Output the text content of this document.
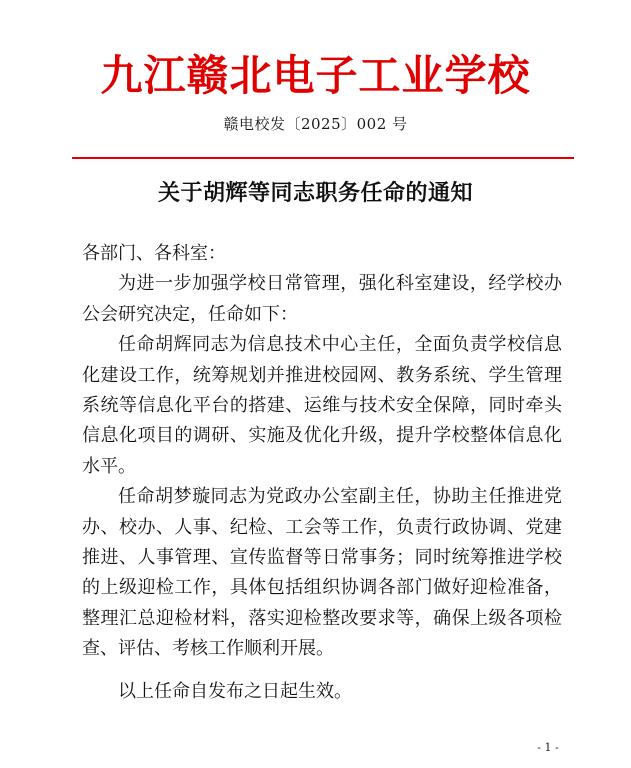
九江赣北电子工业学校
赣电校发〔2025〕002 号
关于胡辉等同志职务任命的通知

各部门、各科室：

为进一步加强学校日常管理，强化科室建设，经学校办公会研究决定，任命如下：

任命胡辉同志为信息技术中心主任，全面负责学校信息化建设工作，统筹规划并推进校园网、教务系统、学生管理系统等信息化平台的搭建、运维与技术安全保障，同时牵头信息化项目的调研、实施及优化升级，提升学校整体信息化水平。

任命胡梦璇同志为党政办公室副主任，协助主任推进党办、校办、人事、纪检、工会等工作，负责行政协调、党建推进、人事管理、宣传监督等日常事务；同时统筹推进学校的上级迎检工作，具体包括组织协调各部门做好迎检准备，整理汇总迎检材料，落实迎检整改要求等，确保上级各项检查、评估、考核工作顺利开展。

以上任命自发布之日起生效。

- 1 -
